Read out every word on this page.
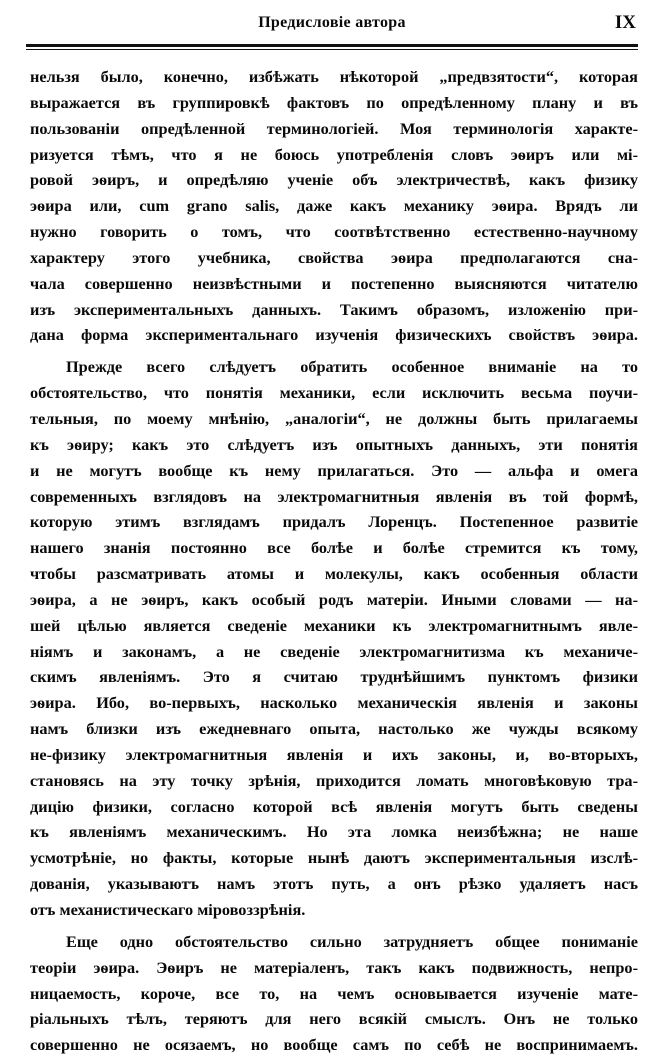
Предисловіе автора	IX
нельзя было, конечно, избѣжать нѣкоторой „предвзятости“, которая
выражается въ группировкѣ фактовъ по опредѣленному плану и въ
пользованіи опредѣленной терминологіей. Моя терминологія характе-
ризуется тѣмъ, что я не боюсь употребленія словъ эѳиръ или мі-
ровой эѳиръ, и опредѣляю ученіе объ электричествѣ, какъ физику
эѳира или, cum grano salis, даже какъ механику эѳира. Врядъ ли
нужно говорить о томъ, что соотвѣтственно естественно-научному
характеру этого учебника, свойства эѳира предполагаются сна-
чала совершенно неизвѣстными и постепенно выясняются читателю
изъ экспериментальныхъ данныхъ. Такимъ образомъ, изложенію при-
дана форма экспериментальнаго изученія физическихъ свойствъ эѳира.
Прежде всего слѣдуетъ обратить особенное вниманіе на то
обстоятельство, что понятія механики, если исключить весьма поучи-
тельныя, по моему мнѣнію, „аналогіи“, не должны быть прилагаемы
къ эѳиру; какъ это слѣдуетъ изъ опытныхъ данныхъ, эти понятія
и не могутъ вообще къ нему прилагаться. Это — альфа и омега
современныхъ взглядовъ на электромагнитныя явленія въ той формѣ,
которую этимъ взглядамъ придалъ Лоренцъ. Постепенное развитіе
нашего знанія постоянно все болѣе и болѣе стремится къ тому,
чтобы разсматривать атомы и молекулы, какъ особенныя области
эѳира, а не эѳиръ, какъ особый родъ матеріи. Иными словами — на-
шей цѣлью является сведеніе механики къ электромагнитнымъ явле-
ніямъ и законамъ, а не сведеніе электромагнитизма къ механиче-
скимъ явленіямъ. Это я считаю труднѣйшимъ пунктомъ физики
эѳира. Ибо, во-первыхъ, насколько механическія явленія и законы
намъ близки изъ ежедневнаго опыта, настолько же чужды всякому
не-физику электромагнитныя явленія и ихъ законы, и, во-вторыхъ,
становясь на эту точку зрѣнія, приходится ломать многовѣковую тра-
дицію физики, согласно которой всѣ явленія могутъ быть сведены
къ явленіямъ механическимъ. Но эта ломка неизбѣжна; не наше
усмотрѣніе, но факты, которые нынѣ даютъ экспериментальныя изслѣ-
дованія, указываютъ намъ этотъ путь, а онъ рѣзко удаляетъ насъ
отъ механистическаго міровоззрѣнія.
Еще одно обстоятельство сильно затрудняетъ общее пониманіе
теоріи эѳира. Эѳиръ не матеріаленъ, такъ какъ подвижность, непро-
ницаемость, короче, все то, на чемъ основывается изученіе мате-
ріальныхъ тѣлъ, теряютъ для него всякій смыслъ. Онъ не только
совершенно не осязаемъ, но вообще самъ по себѣ не воспринимаемъ.
